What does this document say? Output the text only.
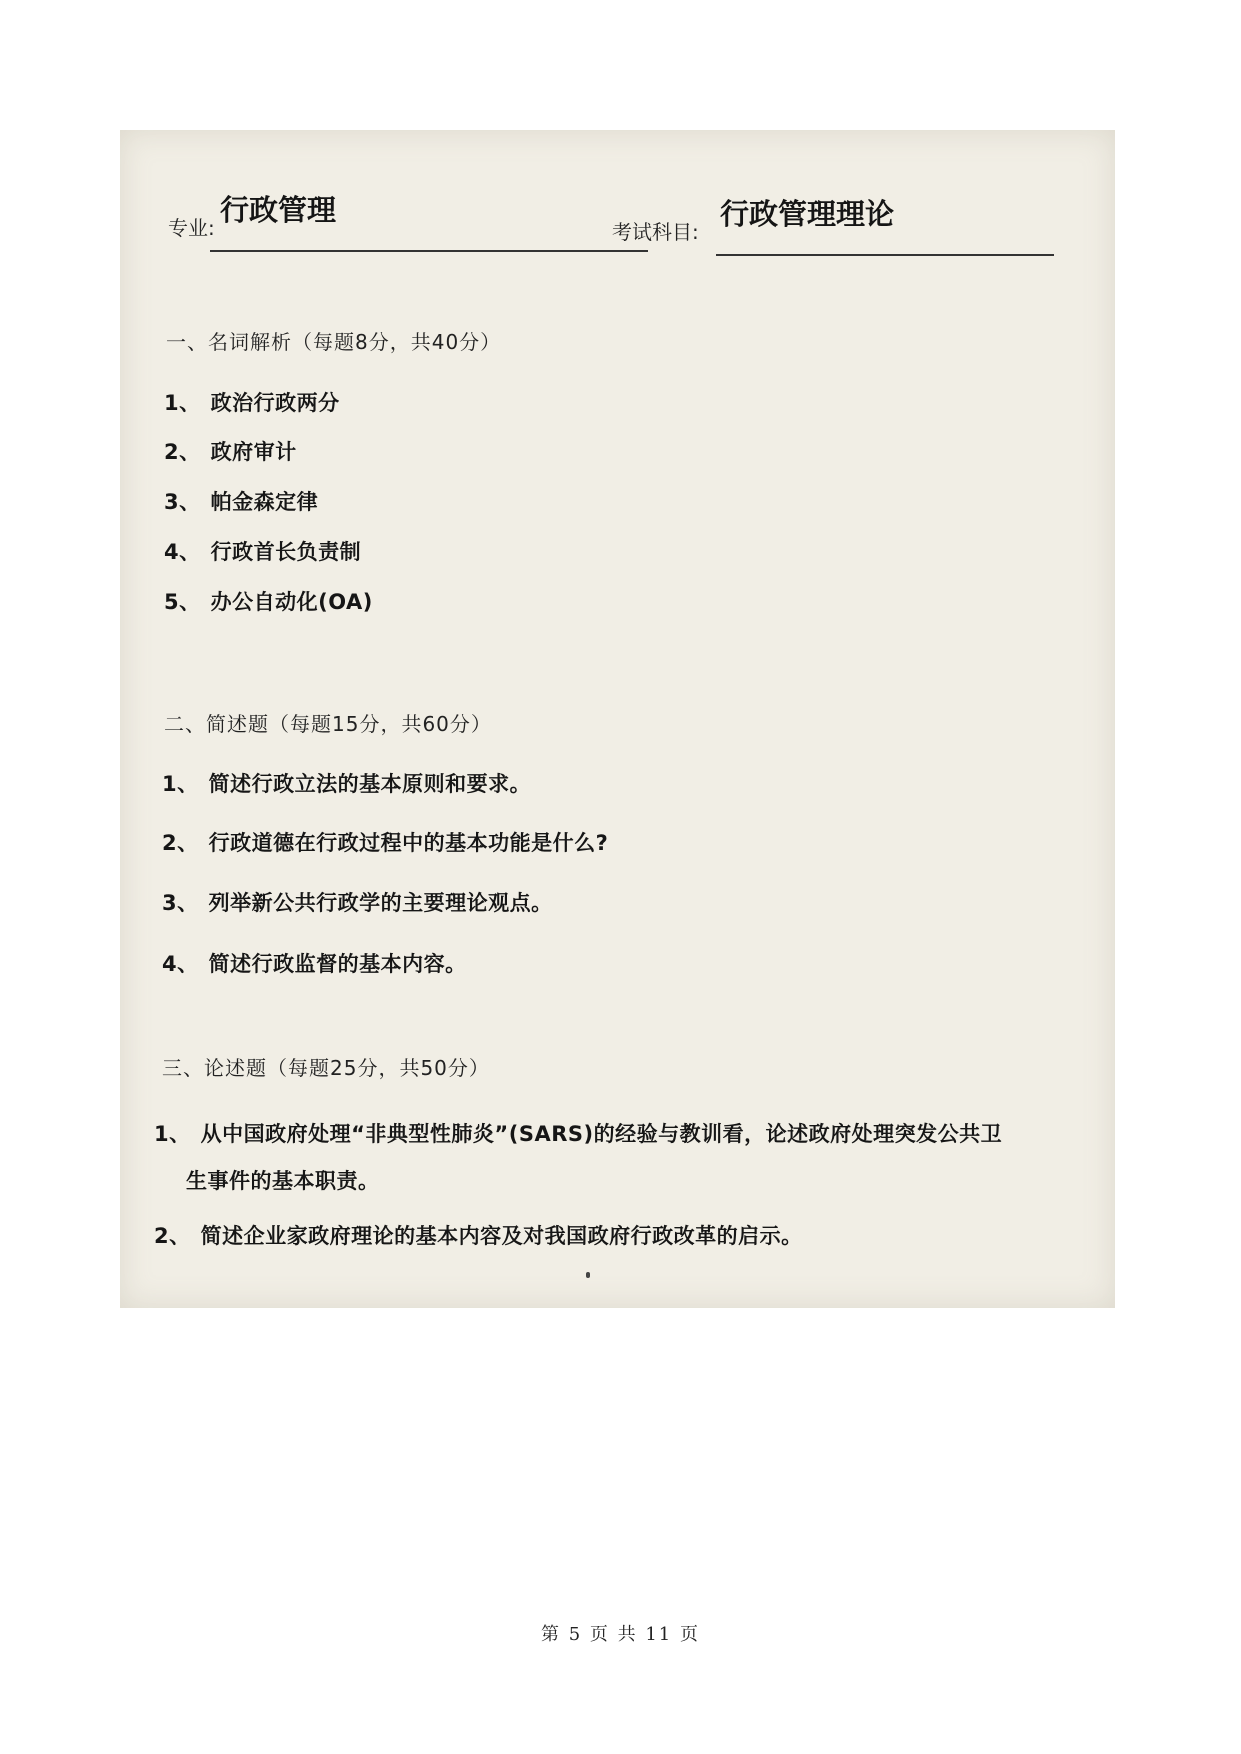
专业:
行政管理
考试科目:
行政管理理论
一、名词解析（每题8分，共40分）
1、 政治行政两分
2、 政府审计
3、 帕金森定律
4、 行政首长负责制
5、 办公自动化(OA)
二、简述题（每题15分，共60分）
1、 简述行政立法的基本原则和要求。
2、 行政道德在行政过程中的基本功能是什么?
3、 列举新公共行政学的主要理论观点。
4、 简述行政监督的基本内容。
三、论述题（每题25分，共50分）
1、 从中国政府处理“非典型性肺炎”(SARS)的经验与教训看，论述政府处理突发公共卫
生事件的基本职责。
2、 简述企业家政府理论的基本内容及对我国政府行政改革的启示。
第 5 页 共 11 页
